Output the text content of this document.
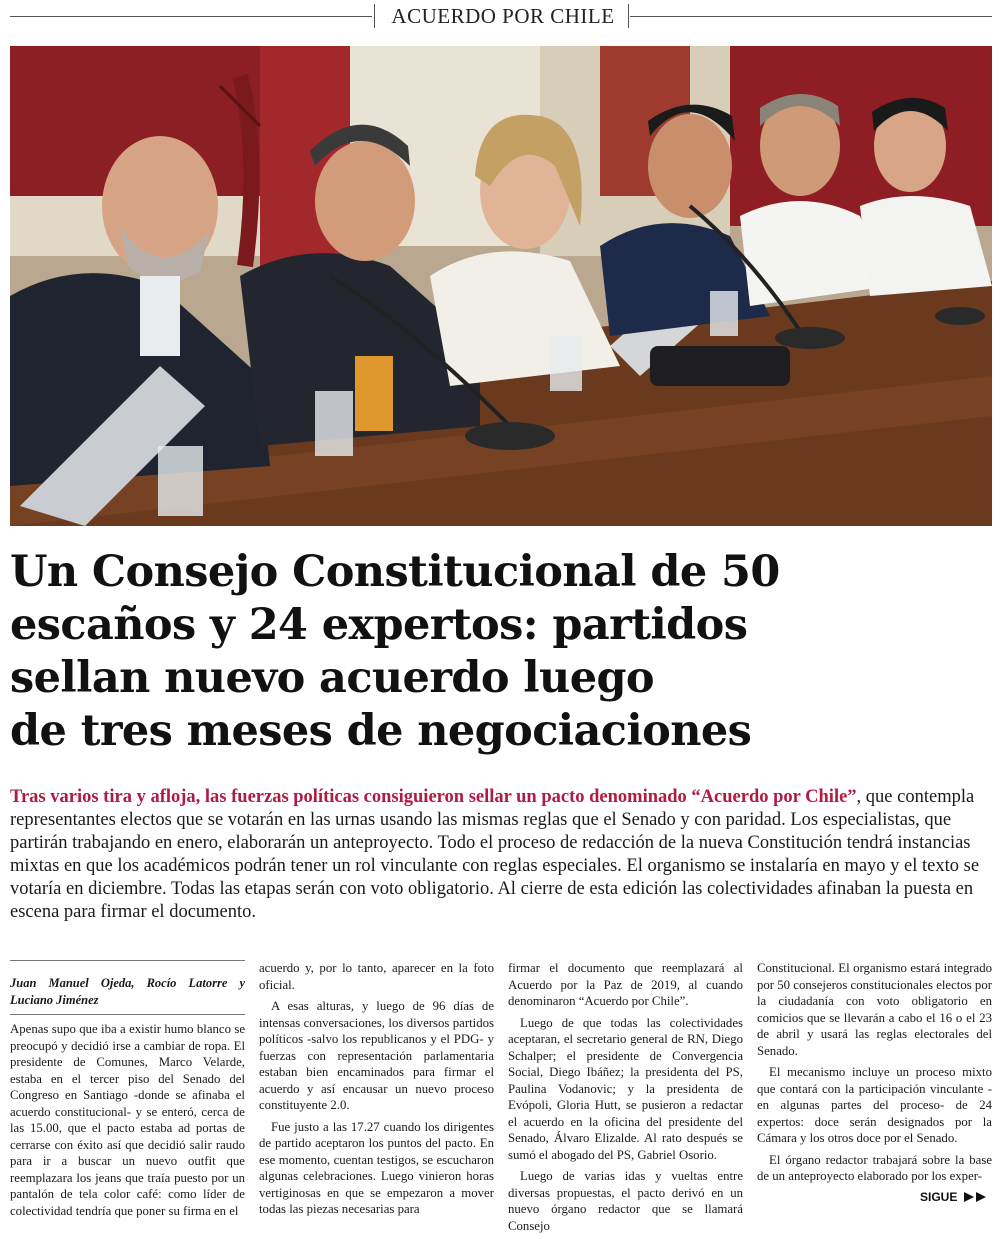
ACUERDO POR CHILE
Un Consejo Constitucional de 50
escaños y 24 expertos: partidos
sellan nuevo acuerdo luego
de tres meses de negociaciones

Tras varios tira y afloja, las fuerzas políticas consiguieron sellar un pacto denominado “Acuerdo por Chile”, que contempla representantes electos que se votarán en las urnas usando las mismas reglas que el Senado y con paridad. Los especialistas, que partirán trabajando en enero, elaborarán un anteproyecto. Todo el proceso de redacción de la nueva Constitución tendrá instancias mixtas en que los académicos podrán tener un rol vinculante con reglas especiales. El organismo se instalaría en mayo y el texto se votaría en diciembre. Todas las etapas serán con voto obligatorio. Al cierre de esta edición las colectividades afinaban la puesta en escena para firmar el documento.

Juan Manuel Ojeda, Rocío Latorre y Luciano Jiménez

Apenas supo que iba a existir humo blanco se preocupó y decidió irse a cambiar de ropa. El presidente de Comunes, Marco Velarde, estaba en el tercer piso del Senado del Congreso en Santiago -donde se afinaba el acuerdo constitucional- y se enteró, cerca de las 15.00, que el pacto estaba ad portas de cerrarse con éxito así que decidió salir raudo para ir a buscar un nuevo outfit que reemplazara los jeans que traía puesto por un pantalón de tela color café: como líder de colectividad tendría que poner su firma en el

acuerdo y, por lo tanto, aparecer en la foto oficial.

A esas alturas, y luego de 96 días de intensas conversaciones, los diversos partidos políticos -salvo los republicanos y el PDG- y fuerzas con representación parlamentaria estaban bien encaminados para firmar el acuerdo y así encausar un nuevo proceso constituyente 2.0.

Fue justo a las 17.27 cuando los dirigentes de partido aceptaron los puntos del pacto. En ese momento, cuentan testigos, se escucharon algunas celebraciones. Luego vinieron horas vertiginosas en que se empezaron a mover todas las piezas necesarias para

firmar el documento que reemplazará al Acuerdo por la Paz de 2019, al cuando denominaron “Acuerdo por Chile”.

Luego de que todas las colectividades aceptaran, el secretario general de RN, Diego Schalper; el presidente de Convergencia Social, Diego Ibáñez; la presidenta del PS, Paulina Vodanovic; y la presidenta de Evópoli, Gloria Hutt, se pusieron a redactar el acuerdo en la oficina del presidente del Senado, Álvaro Elizalde. Al rato después se sumó el abogado del PS, Gabriel Osorio.

Luego de varias idas y vueltas entre diversas propuestas, el pacto derivó en un nuevo órgano redactor que se llamará Consejo

Constitucional. El organismo estará integrado por 50 consejeros constitucionales electos por la ciudadanía con voto obligatorio en comicios que se llevarán a cabo el 16 o el 23 de abril y usará las reglas electorales del Senado.

El mecanismo incluye un proceso mixto que contará con la participación vinculante -en algunas partes del proceso- de 24 expertos: doce serán designados por la Cámara y los otros doce por el Senado.

El órgano redactor trabajará sobre la base de un anteproyecto elaborado por los exper-

SIGUE
